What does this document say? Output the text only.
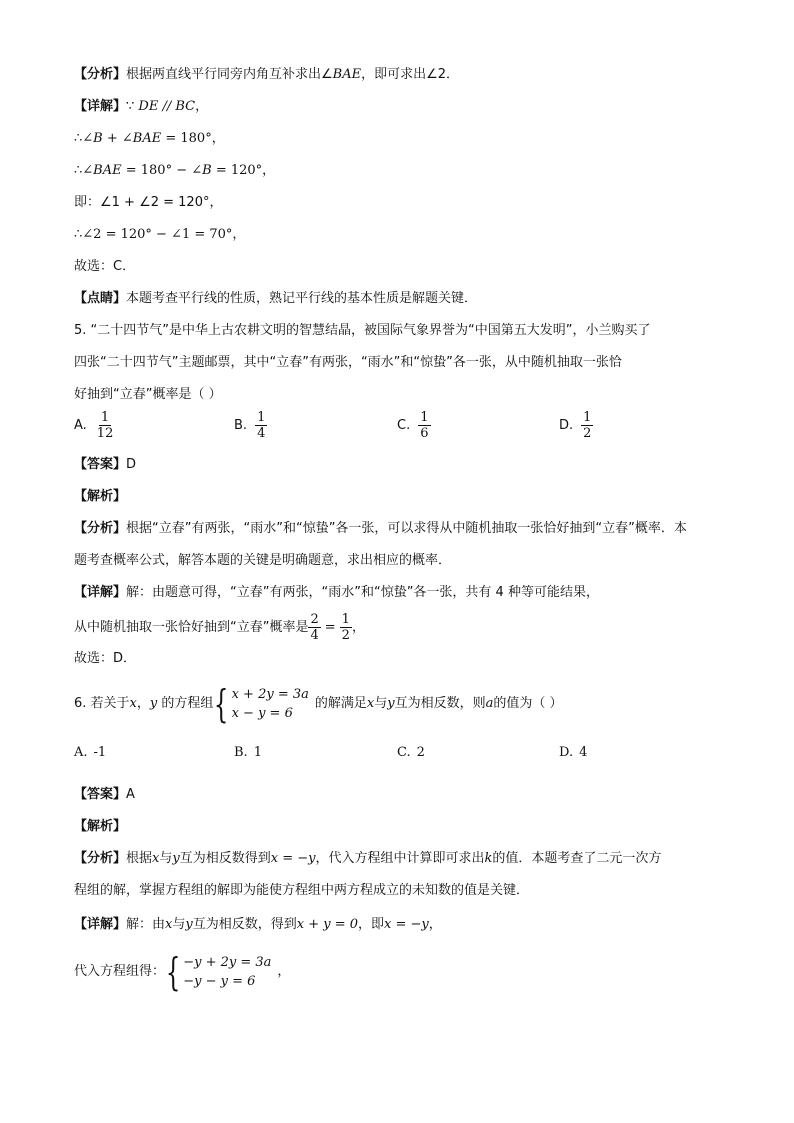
【分析】根据两直线平行同旁内角互补求出∠BAE，即可求出∠2．
【详解】∵ DE // BC，
∴∠B + ∠BAE = 180°，
∴∠BAE = 180° − ∠B = 120°，
即：∠1 + ∠2 = 120°，
∴∠2 = 120° − ∠1 = 70°，
故选：C．
【点睛】本题考查平行线的性质，熟记平行线的基本性质是解题关键．
5. “二十四节气”是中华上古农耕文明的智慧结晶，被国际气象界誉为“中国第五大发明”，小兰购买了
四张“二十四节气”主题邮票，其中“立春”有两张，“雨水”和“惊蛰”各一张，从中随机抽取一张恰
好抽到“立春”概率是（ ）
A. $\frac{1}{12}$	B. $\frac{1}{4}$	C. $\frac{1}{6}$	D. $\frac{1}{2}$
【答案】D
【解析】
【分析】根据“立春”有两张，“雨水”和“惊蛰”各一张，可以求得从中随机抽取一张恰好抽到“立春”概率．本
题考查概率公式，解答本题的关键是明确题意，求出相应的概率．
【详解】解：由题意可得，“立春”有两张，“雨水”和“惊蛰”各一张，共有 4 种等可能结果，
从中随机抽取一张恰好抽到“立春”概率是 $\frac{2}{4} = \frac{1}{2}$ ，
故选：D．
6. 若关于x，y 的方程组 { x + 2y = 3a
x − y = 6
的解满足x与y互为相反数，则a的值为（ ）
A. -1	B. 1	C. 2	D. 4
【答案】A
【解析】
【分析】根据x与y互为相反数得到x = −y，代入方程组中计算即可求出k的值．本题考查了二元一次方
程组的解，掌握方程组的解即为能使方程组中两方程成立的未知数的值是关键．
【详解】解：由x与y互为相反数，得到x + y = 0，即x = −y，
代入方程组得： { −y + 2y = 3a
−y − y = 6
，
